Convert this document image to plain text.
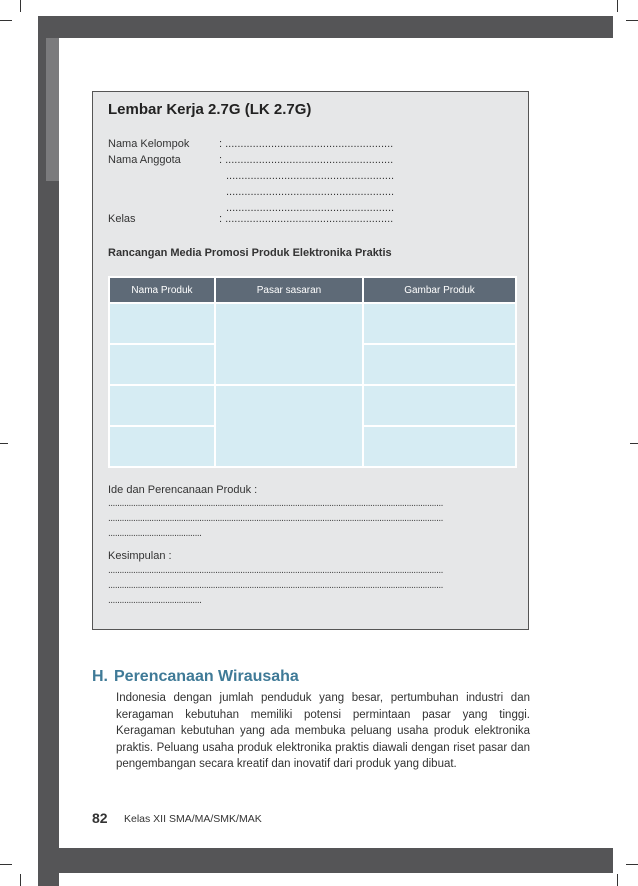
Lembar Kerja 2.7G (LK 2.7G)
Nama Kelompok	: .......................................................
Nama Anggota	: .......................................................
.......................................................
.......................................................
.......................................................
Kelas	: .......................................................
Rancangan Media Promosi Produk Elektronika Praktis
Nama Produk	Pasar sasaran	Gambar Produk

Ide dan Perencanaan Produk :
...................................................................................................................................................
...................................................................................................................................................
.........................................
Kesimpulan :
...................................................................................................................................................
...................................................................................................................................................
.........................................
H. Perencanaan Wirausaha
Indonesia dengan jumlah penduduk yang besar, pertumbuhan industri dan keragaman kebutuhan memiliki potensi permintaan pasar yang tinggi. Keragaman kebutuhan yang ada membuka peluang usaha produk elektronika praktis. Peluang usaha produk elektronika praktis diawali dengan riset pasar dan pengembangan secara kreatif dan inovatif dari produk yang dibuat.
82 Kelas XII SMA/MA/SMK/MAK
